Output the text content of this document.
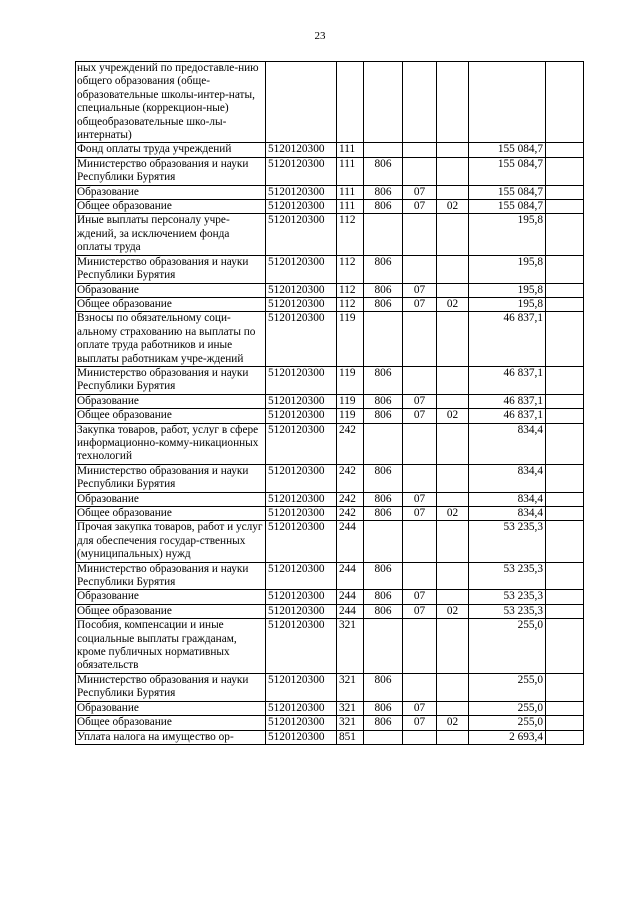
23
ных учреждений по предоставле-нию общего образования (обще-образовательные школы-интер-наты, специальные (коррекцион-ные) общеобразовательные шко-лы-интернаты)							
Фонд оплаты труда учреждений	5120120300	111				155 084,7	
Министерство образования и науки Республики Бурятия	5120120300	111	806			155 084,7	
Образование	5120120300	111	806	07		155 084,7	
Общее образование	5120120300	111	806	07	02	155 084,7	
Иные выплаты персоналу учре-ждений, за исключением фонда оплаты труда	5120120300	112				195,8	
Министерство образования и науки Республики Бурятия	5120120300	112	806			195,8	
Образование	5120120300	112	806	07		195,8	
Общее образование	5120120300	112	806	07	02	195,8	
Взносы по обязательному соци-альному страхованию на выплаты по оплате труда работников и иные выплаты работникам учре-ждений	5120120300	119				46 837,1	
Министерство образования и науки Республики Бурятия	5120120300	119	806			46 837,1	
Образование	5120120300	119	806	07		46 837,1	
Общее образование	5120120300	119	806	07	02	46 837,1	
Закупка товаров, работ, услуг в сфере информационно-комму-никационных технологий	5120120300	242				834,4	
Министерство образования и науки Республики Бурятия	5120120300	242	806			834,4	
Образование	5120120300	242	806	07		834,4	
Общее образование	5120120300	242	806	07	02	834,4	
Прочая закупка товаров, работ и услуг для обеспечения государ-ственных (муниципальных) нужд	5120120300	244				53 235,3	
Министерство образования и науки Республики Бурятия	5120120300	244	806			53 235,3	
Образование	5120120300	244	806	07		53 235,3	
Общее образование	5120120300	244	806	07	02	53 235,3	
Пособия, компенсации и иные социальные выплаты гражданам, кроме публичных нормативных обязательств	5120120300	321				255,0	
Министерство образования и науки Республики Бурятия	5120120300	321	806			255,0	
Образование	5120120300	321	806	07		255,0	
Общее образование	5120120300	321	806	07	02	255,0	
Уплата налога на имущество ор-	5120120300	851				2 693,4	
